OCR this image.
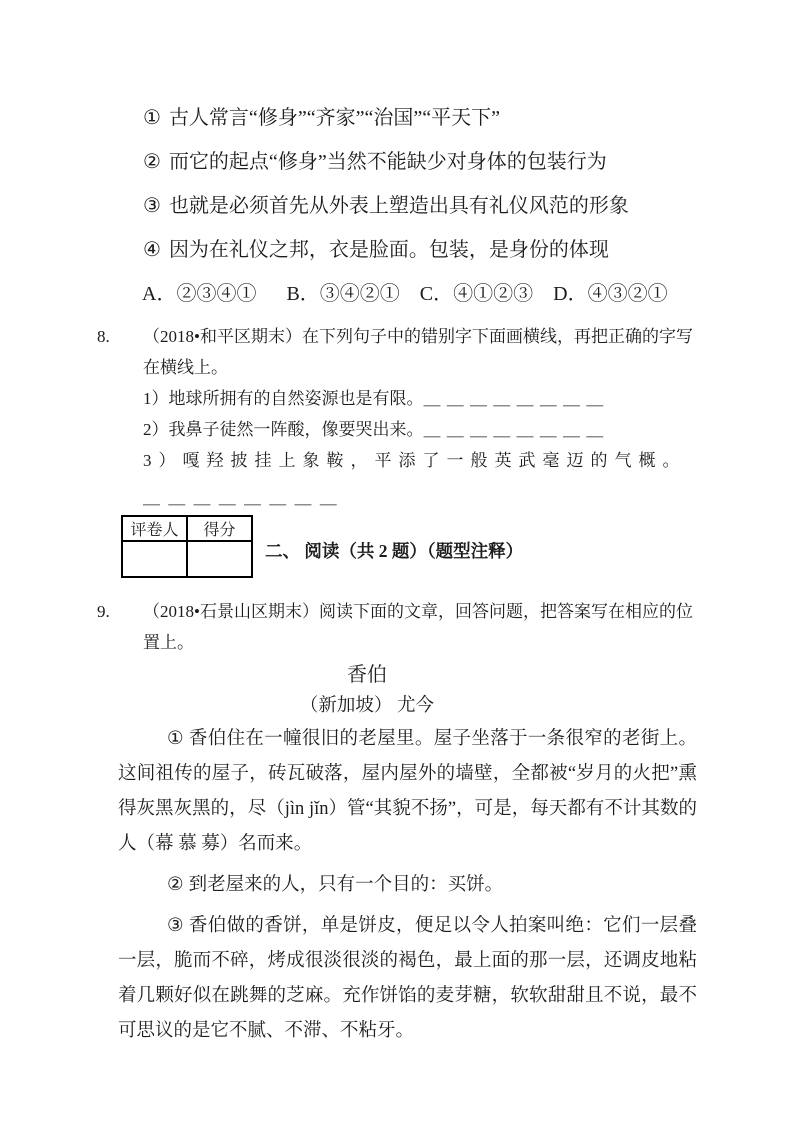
① 古人常言“修身”“齐家”“治国”“平天下”
② 而它的起点“修身”当然不能缺少对身体的包装行为
③ 也就是必须首先从外表上塑造出具有礼仪风范的形象
④ 因为在礼仪之邦，衣是脸面。包装，是身份的体现
A．②③④①      B．③④②①    C．④①②③    D．④③②①
8.	（2018•和平区期末）在下列句子中的错别字下面画横线，再把正确的字写在横线上。
1）地球所拥有的自然姿源也是有限。＿ ＿ ＿ ＿ ＿ ＿ ＿ ＿
2）我鼻子徒然一阵酸，像要哭出来。＿ ＿ ＿ ＿ ＿ ＿ ＿ ＿
3）嘎羟披挂上象鞍，平添了一般英武毫迈的气概。
＿ ＿ ＿ ＿ ＿ ＿ ＿ ＿
评卷人	得分

二、 阅读（共 2 题）（题型注释）
9.	（2018•石景山区期末）阅读下面的文章，回答问题，把答案写在相应的位置上。
香伯
（新加坡） 尤今

① 香伯住在一幢很旧的老屋里。屋子坐落于一条很窄的老街上。这间祖传的屋子，砖瓦破落，屋内屋外的墙壁，全都被“岁月的火把”熏得灰黑灰黑的，尽（jìn jǐn）管“其貌不扬”，可是，每天都有不计其数的人（幕 慕 募）名而来。

② 到老屋来的人，只有一个目的：买饼。

③ 香伯做的香饼，单是饼皮，便足以令人拍案叫绝：它们一层叠一层，脆而不碎，烤成很淡很淡的褐色，最上面的那一层，还调皮地粘着几颗好似在跳舞的芝麻。充作饼馅的麦芽糖，软软甜甜且不说，最不可思议的是它不腻、不滞、不粘牙。
